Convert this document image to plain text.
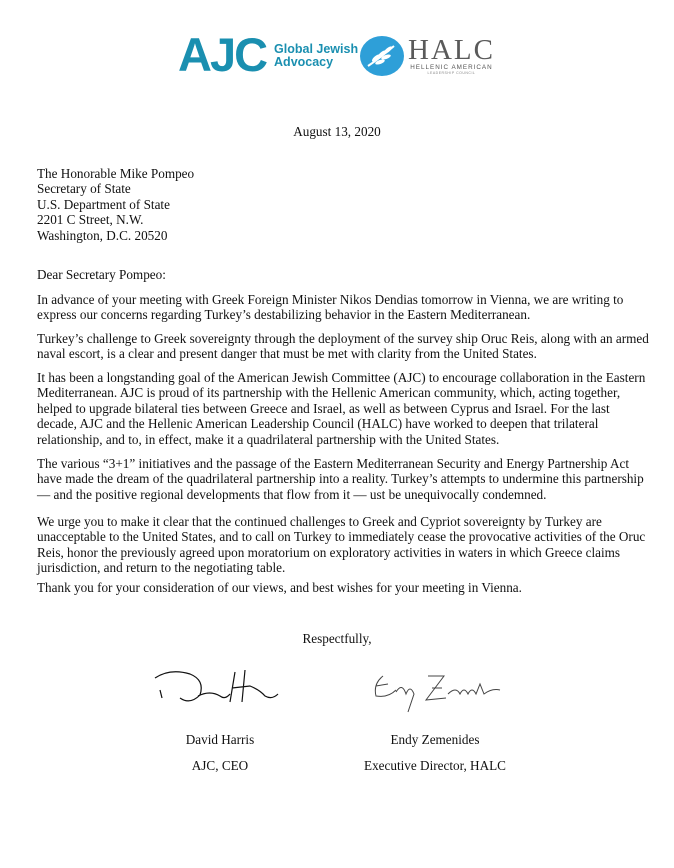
AJC Global Jewish
Advocacy	HALC
HELLENIC AMERICAN
LEADERSHIP COUNCIL
August 13, 2020
The Honorable Mike Pompeo
Secretary of State
U.S. Department of State
2201 C Street, N.W.
Washington, D.C. 20520
Dear Secretary Pompeo:
In advance of your meeting with Greek Foreign Minister Nikos Dendias tomorrow in Vienna, we are writing to express our concerns regarding Turkey’s destabilizing behavior in the Eastern Mediterranean.
Turkey’s challenge to Greek sovereignty through the deployment of the survey ship Oruc Reis, along with an armed naval escort, is a clear and present danger that must be met with clarity from the United States.
It has been a longstanding goal of the American Jewish Committee (AJC) to encourage collaboration in the Eastern Mediterranean. AJC is proud of its partnership with the Hellenic American community, which, acting together, helped to upgrade bilateral ties between Greece and Israel, as well as between Cyprus and Israel. For the last decade, AJC and the Hellenic American Leadership Council (HALC) have worked to deepen that trilateral relationship, and to, in effect, make it a quadrilateral partnership with the United States.
The various “3+1” initiatives and the passage of the Eastern Mediterranean Security and Energy Partnership Act have made the dream of the quadrilateral partnership into a reality. Turkey’s attempts to undermine this partnership — and the positive regional developments that flow from it — ust be unequivocally condemned.
We urge you to make it clear that the continued challenges to Greek and Cypriot sovereignty by Turkey are unacceptable to the United States, and to call on Turkey to immediately cease the provocative activities of the Oruc Reis, honor the previously agreed upon moratorium on exploratory activities in waters in which Greece claims jurisdiction, and return to the negotiating table.
Thank you for your consideration of our views, and best wishes for your meeting in Vienna.
Respectfully,
David Harris
AJC, CEO
Endy Zemenides
Executive Director, HALC
